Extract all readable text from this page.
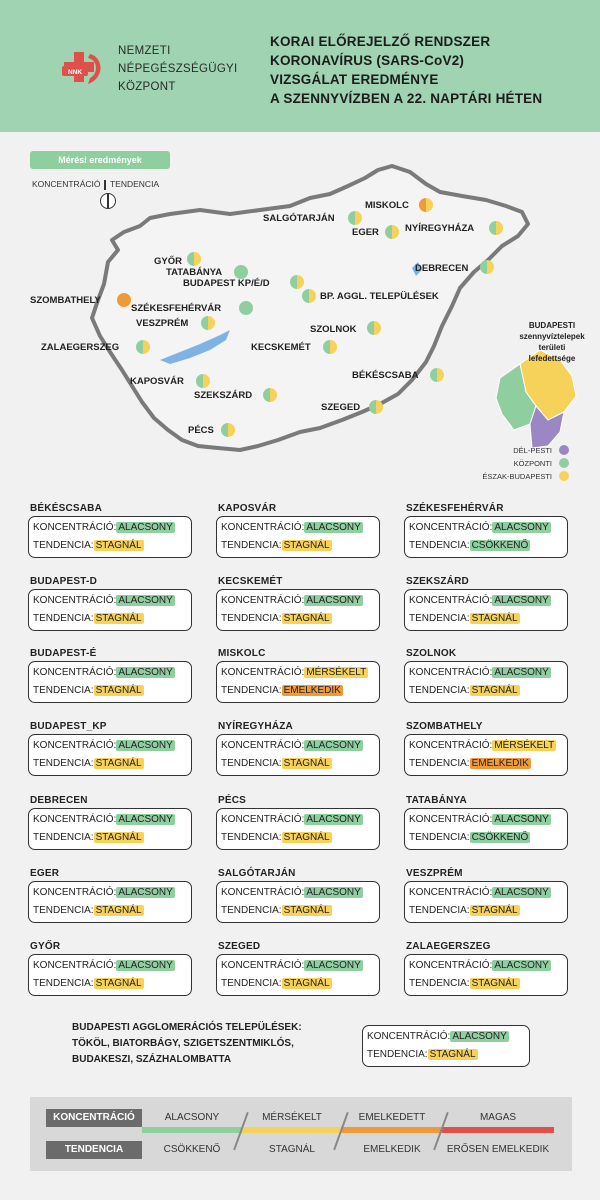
NNK
NEMZETI
NÉPEGÉSZSÉGÜGYI
KÖZPONT
KORAI ELŐREJELZŐ RENDSZER
KORONAVÍRUS (SARS-CoV2)
VIZSGÁLAT EREDMÉNYE
A SZENNYVÍZBEN A 22. NAPTÁRI HÉTEN
Mérési eredmények
KONCENTRÁCIÓ TENDENCIA
MISKOLC
SALGÓTARJÁN
EGER	NYÍREGYHÁZA
GYŐR
TATABÁNYA
BUDAPEST KP/É/D
DEBRECEN
SZOMBATHELY	BP. AGGL. TELEPÜLÉSEK
SZÉKESFEHÉRVÁR
VESZPRÉM
SZOLNOK
ZALAEGERSZEG	KECSKEMÉT
KAPOSVÁR
BÉKÉSCSABA
SZEKSZÁRD
SZEGED
PÉCS
BUDAPESTI
szennyvíztelepek
területi
lefedettsége
DÉL-PESTI
KÖZPONTI
ÉSZAK-BUDAPESTI
BÉKÉSCSABA
KONCENTRÁCIÓ: ALACSONY
TENDENCIA: STAGNÁL
KAPOSVÁR
KONCENTRÁCIÓ: ALACSONY
TENDENCIA: STAGNÁL
SZÉKESFEHÉRVÁR
KONCENTRÁCIÓ: ALACSONY
TENDENCIA: CSÖKKENŐ
BUDAPEST-D
KONCENTRÁCIÓ: ALACSONY
TENDENCIA: STAGNÁL
KECSKEMÉT
KONCENTRÁCIÓ: ALACSONY
TENDENCIA: STAGNÁL
SZEKSZÁRD
KONCENTRÁCIÓ: ALACSONY
TENDENCIA: STAGNÁL
BUDAPEST-É
KONCENTRÁCIÓ: ALACSONY
TENDENCIA: STAGNÁL
MISKOLC
KONCENTRÁCIÓ: MÉRSÉKELT
TENDENCIA: EMELKEDIK
SZOLNOK
KONCENTRÁCIÓ: ALACSONY
TENDENCIA: STAGNÁL
BUDAPEST_KP
KONCENTRÁCIÓ: ALACSONY
TENDENCIA: STAGNÁL
NYÍREGYHÁZA
KONCENTRÁCIÓ: ALACSONY
TENDENCIA: STAGNÁL
SZOMBATHELY
KONCENTRÁCIÓ: MÉRSÉKELT
TENDENCIA: EMELKEDIK
DEBRECEN
KONCENTRÁCIÓ: ALACSONY
TENDENCIA: STAGNÁL
PÉCS
KONCENTRÁCIÓ: ALACSONY
TENDENCIA: STAGNÁL
TATABÁNYA
KONCENTRÁCIÓ: ALACSONY
TENDENCIA: CSÖKKENŐ
EGER
KONCENTRÁCIÓ: ALACSONY
TENDENCIA: STAGNÁL
SALGÓTARJÁN
KONCENTRÁCIÓ: ALACSONY
TENDENCIA: STAGNÁL
VESZPRÉM
KONCENTRÁCIÓ: ALACSONY
TENDENCIA: STAGNÁL
GYŐR
KONCENTRÁCIÓ: ALACSONY
TENDENCIA: STAGNÁL
SZEGED
KONCENTRÁCIÓ: ALACSONY
TENDENCIA: STAGNÁL
ZALAEGERSZEG
KONCENTRÁCIÓ: ALACSONY
TENDENCIA: STAGNÁL
BUDAPESTI AGGLOMERÁCIÓS TELEPÜLÉSEK:
TÖKÖL, BIATORBÁGY, SZIGETSZENTMIKLÓS,
BUDAKESZI, SZÁZHALOMBATTA
KONCENTRÁCIÓ: ALACSONY
TENDENCIA: STAGNÁL
KONCENTRÁCIÓ
TENDENCIA
ALACSONY	MÉRSÉKELT	EMELKEDETT	MAGAS
CSÖKKENŐ	STAGNÁL	EMELKEDIK	ERŐSEN EMELKEDIK
